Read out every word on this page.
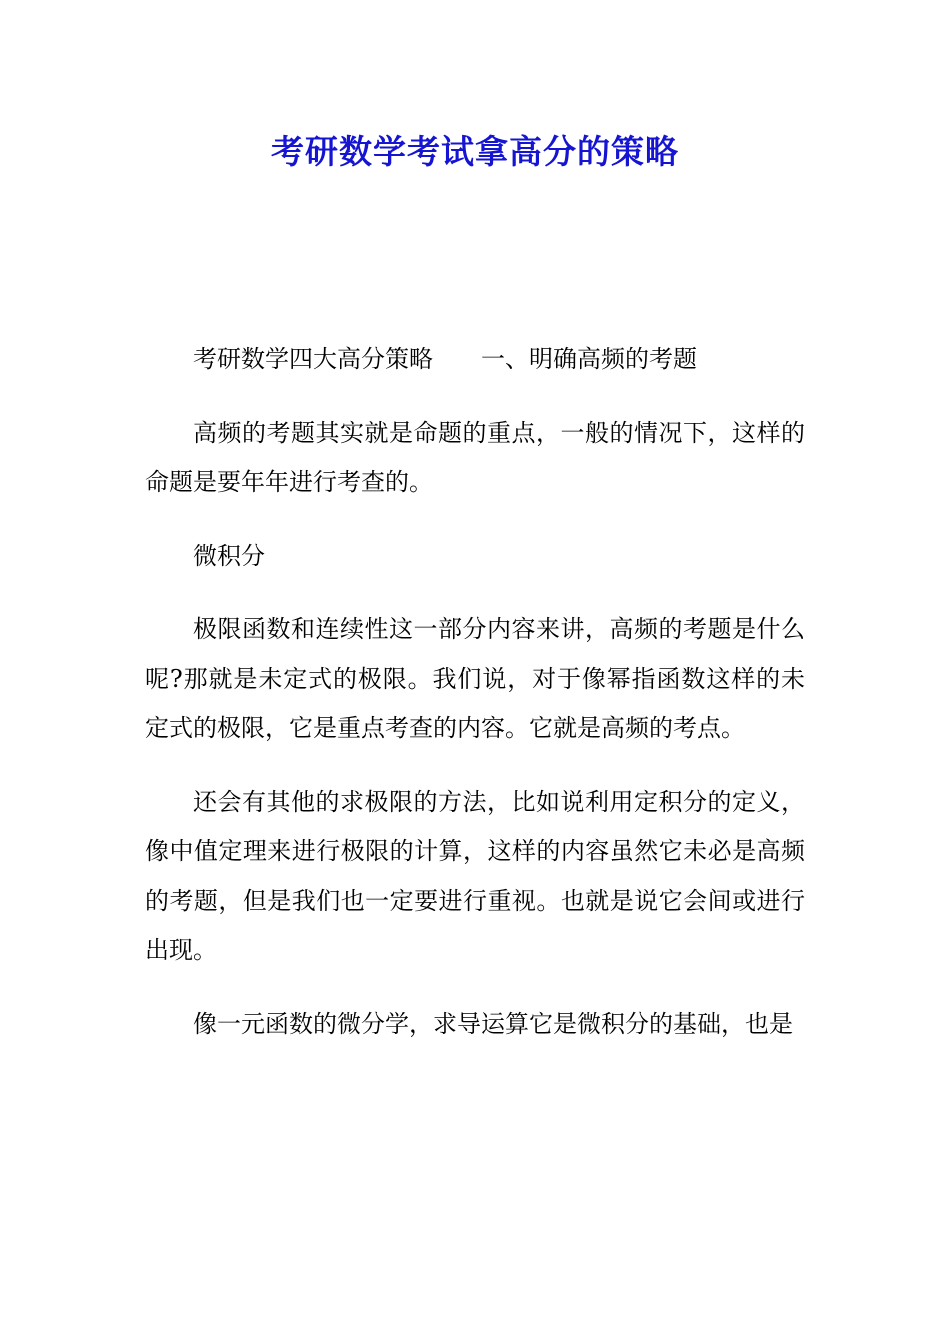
考研数学考试拿高分的策略

考研数学四大高分策略 一、明确高频的考题

高频的考题其实就是命题的重点，一般的情况下，这样的命题是要年年进行考查的。

微积分

极限函数和连续性这一部分内容来讲，高频的考题是什么呢?那就是未定式的极限。我们说，对于像幂指函数这样的未定式的极限，它是重点考查的内容。它就是高频的考点。

还会有其他的求极限的方法，比如说利用定积分的定义，像中值定理来进行极限的计算，这样的内容虽然它未必是高频的考题，但是我们也一定要进行重视。也就是说它会间或进行出现。

像一元函数的微分学，求导运算它是微积分的基础，也是
